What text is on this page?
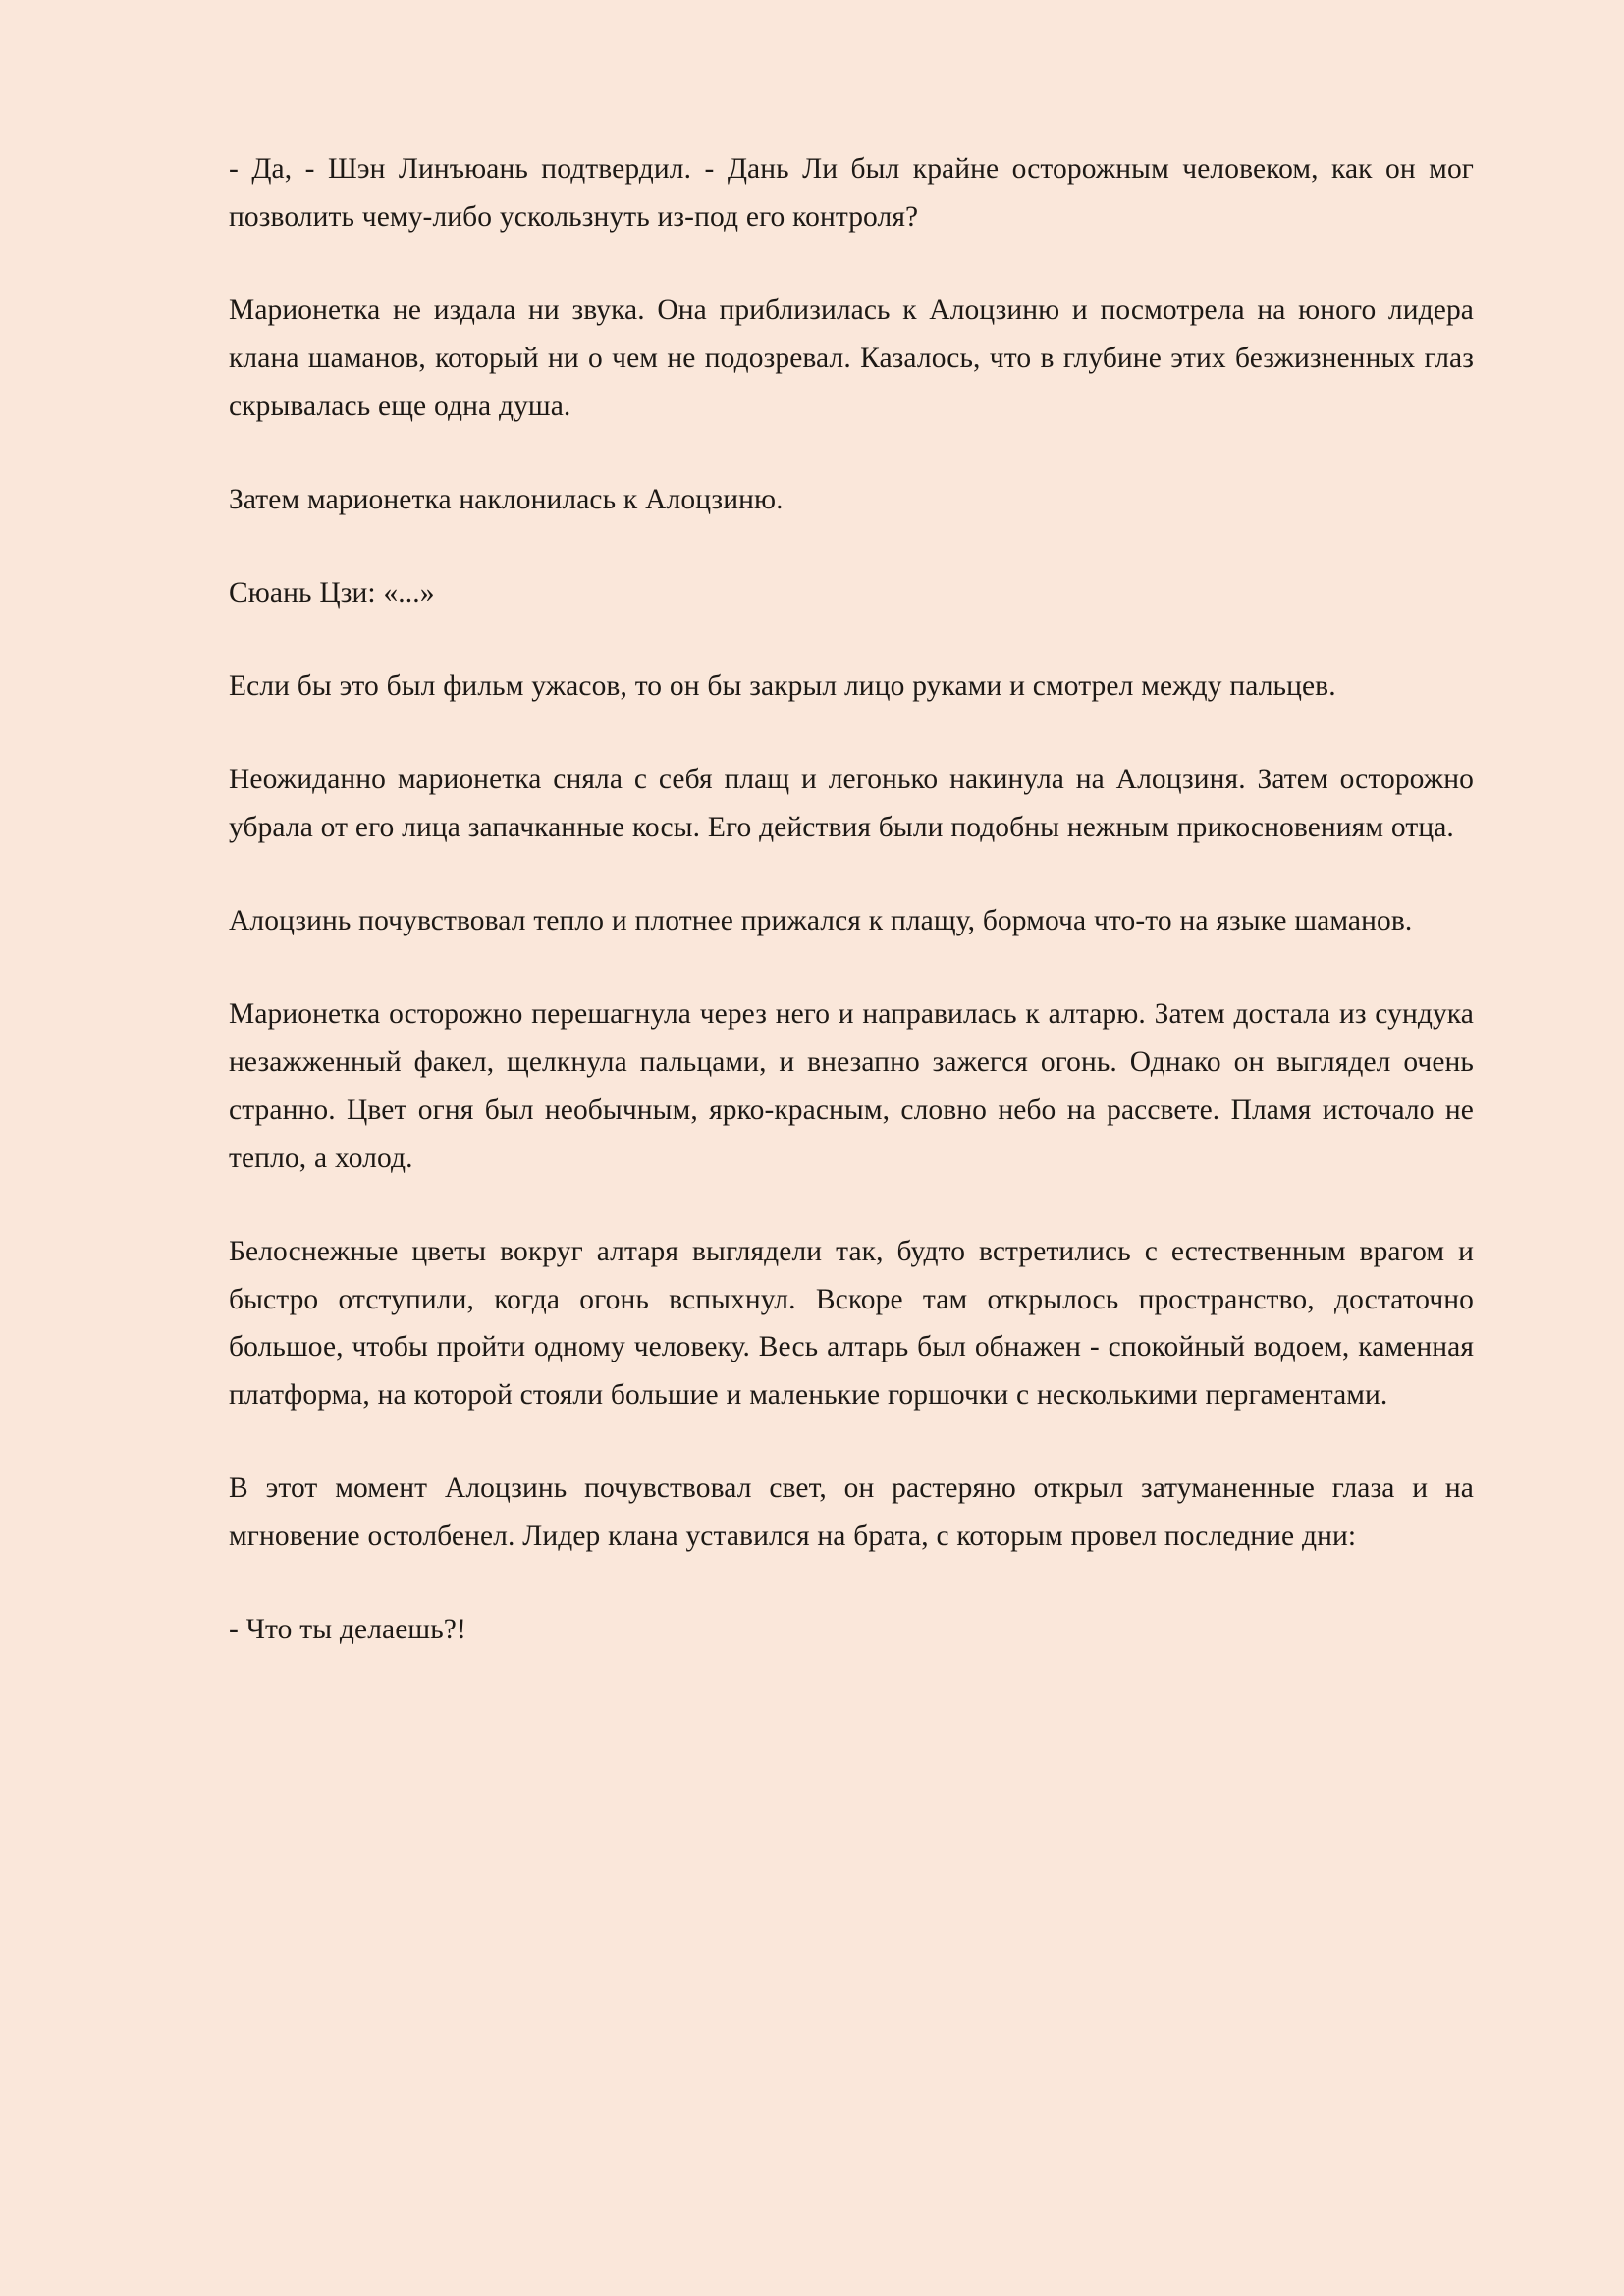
- Да, - Шэн Линъюань подтвердил. - Дань Ли был крайне осторожным человеком, как он мог позволить чему-либо ускользнуть из-под его контроля?

Марионетка не издала ни звука. Она приблизилась к Алоцзиню и посмотрела на юного лидера клана шаманов, который ни о чем не подозревал. Казалось, что в глубине этих безжизненных глаз скрывалась еще одна душа.

Затем марионетка наклонилась к Алоцзиню.

Сюань Цзи: «...»

Если бы это был фильм ужасов, то он бы закрыл лицо руками и смотрел между пальцев.

Неожиданно марионетка сняла с себя плащ и легонько накинула на Алоцзиня. Затем осторожно убрала от его лица запачканные косы. Его действия были подобны нежным прикосновениям отца.

Алоцзинь почувствовал тепло и плотнее прижался к плащу, бормоча что-то на языке шаманов.

Марионетка осторожно перешагнула через него и направилась к алтарю. Затем достала из сундука незажженный факел, щелкнула пальцами, и внезапно зажегся огонь. Однако он выглядел очень странно. Цвет огня был необычным, ярко-красным, словно небо на рассвете. Пламя источало не тепло, а холод.

Белоснежные цветы вокруг алтаря выглядели так, будто встретились с естественным врагом и быстро отступили, когда огонь вспыхнул. Вскоре там открылось пространство, достаточно большое, чтобы пройти одному человеку. Весь алтарь был обнажен - спокойный водоем, каменная платформа, на которой стояли большие и маленькие горшочки с несколькими пергаментами.

В этот момент Алоцзинь почувствовал свет, он растеряно открыл затуманенные глаза и на мгновение остолбенел. Лидер клана уставился на брата, с которым провел последние дни:

- Что ты делаешь?!
